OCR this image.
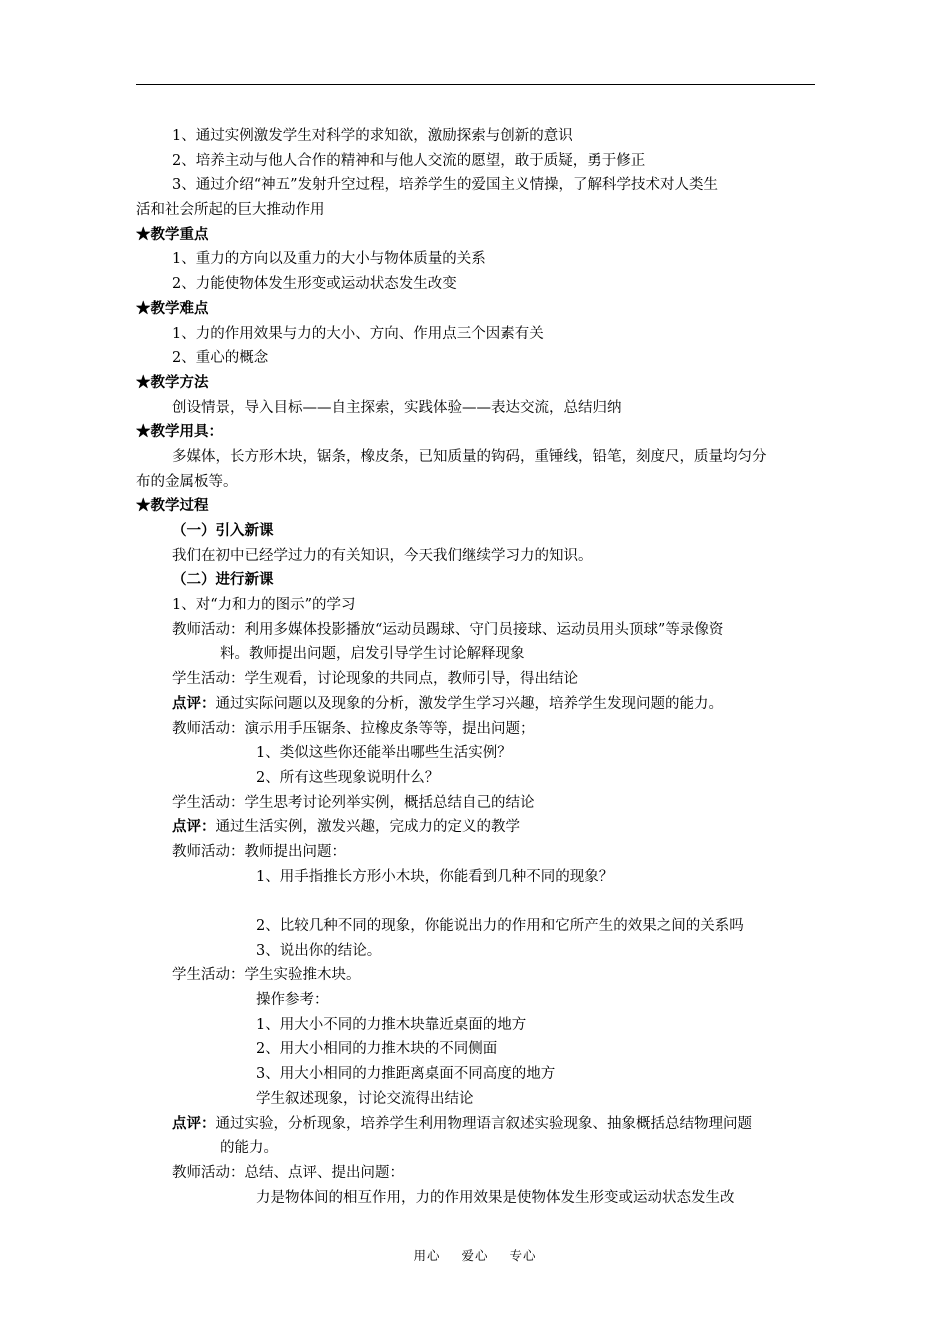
1、通过实例激发学生对科学的求知欲，激励探索与创新的意识
2、培养主动与他人合作的精神和与他人交流的愿望，敢于质疑，勇于修正
3、通过介绍“神五”发射升空过程，培养学生的爱国主义情操，了解科学技术对人类生
活和社会所起的巨大推动作用
★教学重点
1、重力的方向以及重力的大小与物体质量的关系
2、力能使物体发生形变或运动状态发生改变
★教学难点
1、力的作用效果与力的大小、方向、作用点三个因素有关
2、重心的概念
★教学方法
创设情景，导入目标——自主探索，实践体验——表达交流，总结归纳
★教学用具：
多媒体，长方形木块，锯条，橡皮条，已知质量的钩码，重锤线，铅笔，刻度尺，质量均匀分
布的金属板等。
★教学过程
（一）引入新课
我们在初中已经学过力的有关知识，今天我们继续学习力的知识。
（二）进行新课
1、对“力和力的图示”的学习
教师活动：利用多媒体投影播放“运动员踢球、守门员接球、运动员用头顶球”等录像资
料。教师提出问题，启发引导学生讨论解释现象
学生活动：学生观看，讨论现象的共同点，教师引导，得出结论
点评：通过实际问题以及现象的分析，激发学生学习兴趣，培养学生发现问题的能力。
教师活动：演示用手压锯条、拉橡皮条等等，提出问题；
1、类似这些你还能举出哪些生活实例？
2、所有这些现象说明什么？
学生活动：学生思考讨论列举实例，概括总结自己的结论
点评：通过生活实例，激发兴趣，完成力的定义的教学
教师活动：教师提出问题：
1、用手指推长方形小木块，你能看到几种不同的现象？
2、比较几种不同的现象，你能说出力的作用和它所产生的效果之间的关系吗
3、说出你的结论。
学生活动：学生实验推木块。
操作参考：
1、用大小不同的力推木块靠近桌面的地方
2、用大小相同的力推木块的不同侧面
3、用大小相同的力推距离桌面不同高度的地方
学生叙述现象，讨论交流得出结论
点评：通过实验，分析现象，培养学生利用物理语言叙述实验现象、抽象概括总结物理问题
的能力。
教师活动：总结、点评、提出问题：
力是物体间的相互作用，力的作用效果是使物体发生形变或运动状态发生改
用心 爱心 专心
